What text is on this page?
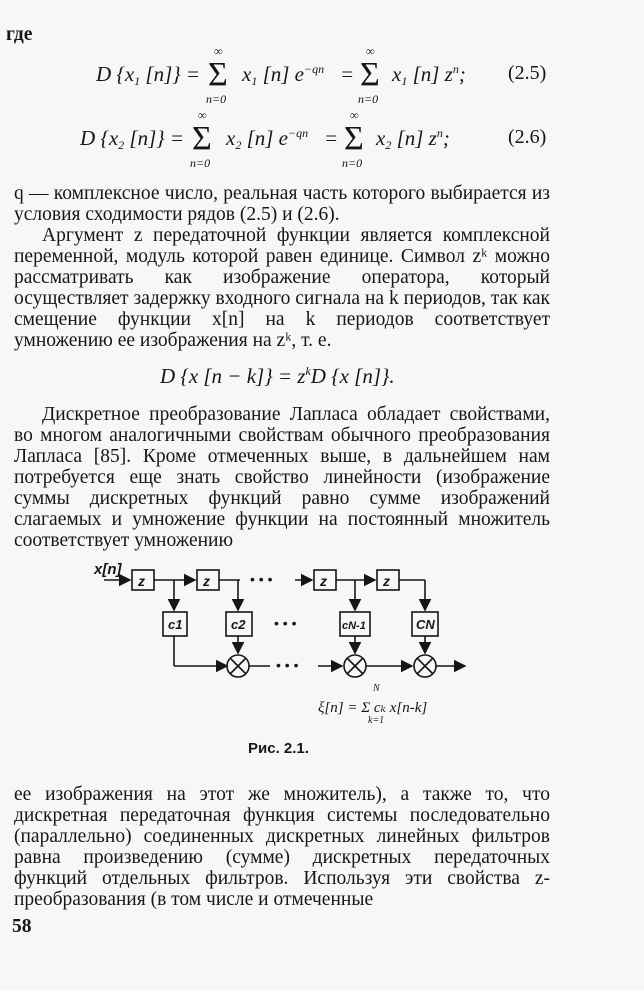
где
D {$x_1$ [n]} = Σ
∞
n=0
$x_1$ [n] $e^{-qn} = \Sigma$
∞
n=0
$x_1$ [n] $z^n$; (2.5)
D {$x_2$ [n]} = Σ
∞
n=0
$x_2$ [n] $e^{-qn} = \Sigma$
∞
n=0
$x_2$ [n] $z^n$;	(2.6)

q — комплексное число, реальная часть которого выбирается из условия сходимости рядов (2.5) и (2.6).

Аргумент z передаточной функции является комплексной переменной, модуль которой равен единице. Символ zᵏ можно рассматривать как изображение оператора, который осуществляет задержку входного сигнала на k периодов, так как смещение функции x[n] на k периодов соответствует умножению ее изображения на zᵏ, т. е.

D {x $[n - k]\} = z^kD$ {x [n]}.

Дискретное преобразование Лапласа обладает свойствами, во многом аналогичными свойствам обычного преобразования Лапласа [85]. Кроме отмеченных выше, в дальнейшем нам потребуется еще знать свойство линейности (изображение суммы дискретных функций равно сумме изображений слагаемых и умножение функции на постоянный множитель соответствует умножению

x[n]
z	z	z	z
c1	c2	cN-1	CN
• • •
• • •
• • •
N
k=1
ξ[n] = Σ cₖ x[n-k]
Рис. 2.1.

ее изображения на этот же множитель), а также то, что дискретная передаточная функция системы последовательно (параллельно) соединенных дискретных линейных фильтров равна произведению (сумме) дискретных передаточных функций отдельных фильтров. Используя эти свойства z-преобразования (в том числе и отмеченные

58
